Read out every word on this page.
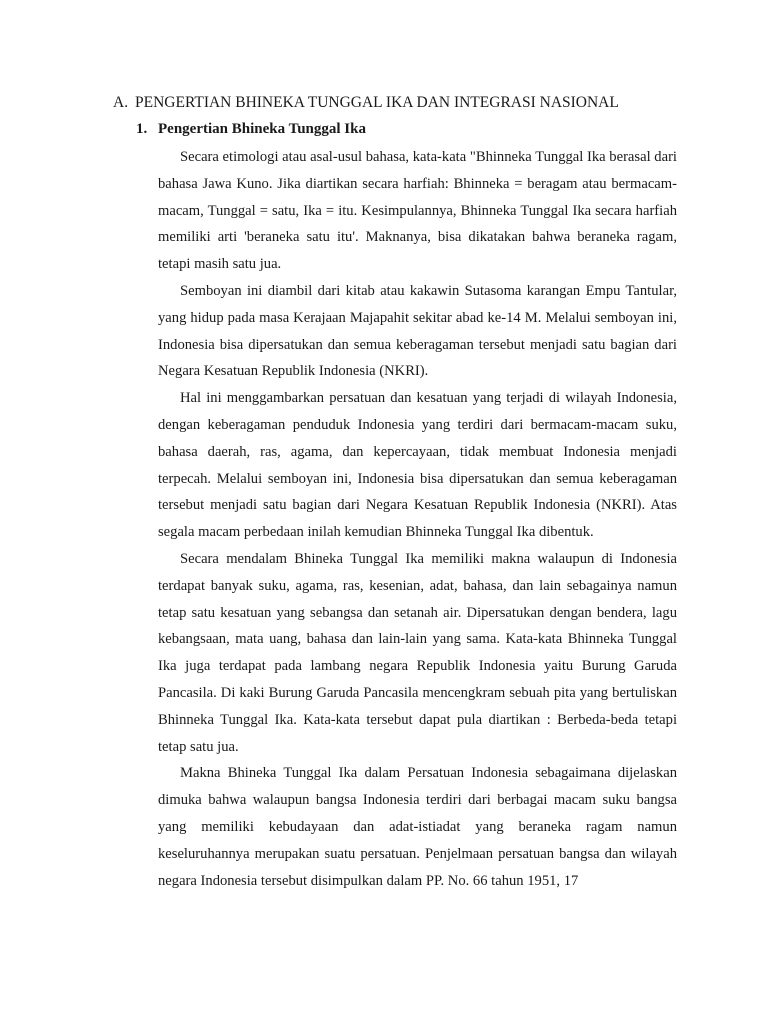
A. PENGERTIAN BHINEKA TUNGGAL IKA DAN INTEGRASI NASIONAL
1. Pengertian Bhineka Tunggal Ika

Secara etimologi atau asal-usul bahasa, kata-kata "Bhinneka Tunggal Ika berasal dari bahasa Jawa Kuno. Jika diartikan secara harfiah: Bhinneka = beragam atau bermacam-macam, Tunggal = satu, Ika = itu. Kesimpulannya, Bhinneka Tunggal Ika secara harfiah memiliki arti 'beraneka satu itu'. Maknanya, bisa dikatakan bahwa beraneka ragam, tetapi masih satu jua.

Semboyan ini diambil dari kitab atau kakawin Sutasoma karangan Empu Tantular, yang hidup pada masa Kerajaan Majapahit sekitar abad ke-14 M. Melalui semboyan ini, Indonesia bisa dipersatukan dan semua keberagaman tersebut menjadi satu bagian dari Negara Kesatuan Republik Indonesia (NKRI).

Hal ini menggambarkan persatuan dan kesatuan yang terjadi di wilayah Indonesia, dengan keberagaman penduduk Indonesia yang terdiri dari bermacam-macam suku, bahasa daerah, ras, agama, dan kepercayaan, tidak membuat Indonesia menjadi terpecah. Melalui semboyan ini, Indonesia bisa dipersatukan dan semua keberagaman tersebut menjadi satu bagian dari Negara Kesatuan Republik Indonesia (NKRI). Atas segala macam perbedaan inilah kemudian Bhinneka Tunggal Ika dibentuk.

Secara mendalam Bhineka Tunggal Ika memiliki makna walaupun di Indonesia terdapat banyak suku, agama, ras, kesenian, adat, bahasa, dan lain sebagainya namun tetap satu kesatuan yang sebangsa dan setanah air. Dipersatukan dengan bendera, lagu kebangsaan, mata uang, bahasa dan lain-lain yang sama. Kata-kata Bhinneka Tunggal Ika juga terdapat pada lambang negara Republik Indonesia yaitu Burung Garuda Pancasila. Di kaki Burung Garuda Pancasila mencengkram sebuah pita yang bertuliskan Bhinneka Tunggal Ika. Kata-kata tersebut dapat pula diartikan : Berbeda-beda tetapi tetap satu jua.

Makna Bhineka Tunggal Ika dalam Persatuan Indonesia sebagaimana dijelaskan dimuka bahwa walaupun bangsa Indonesia terdiri dari berbagai macam suku bangsa yang memiliki kebudayaan dan adat-istiadat yang beraneka ragam namun keseluruhannya merupakan suatu persatuan. Penjelmaan persatuan bangsa dan wilayah negara Indonesia tersebut disimpulkan dalam PP. No. 66 tahun 1951, 17
